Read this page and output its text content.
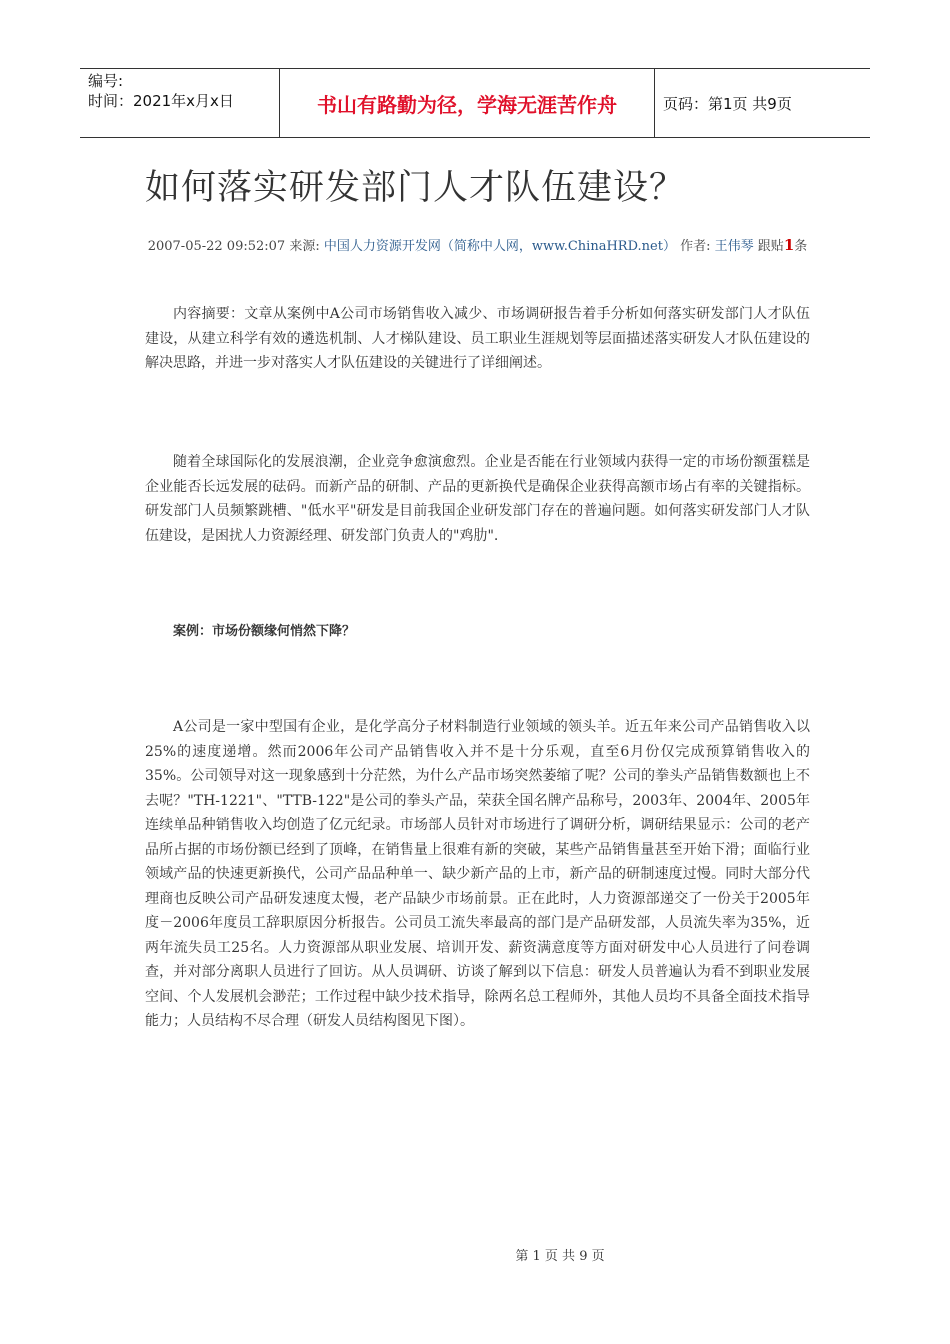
编号:
时间：2021年x月x日	书山有路勤为径，学海无涯苦作舟	页码：第1页 共9页
如何落实研发部门人才队伍建设？
2007-05-22 09:52:07 来源: 中国人力资源开发网（简称中人网，www.ChinaHRD.net） 作者: 王伟琴 跟贴1条

内容摘要：文章从案例中A公司市场销售收入减少、市场调研报告着手分析如何落实研发部门人才队伍建设，从建立科学有效的遴选机制、人才梯队建设、员工职业生涯规划等层面描述落实研发人才队伍建设的解决思路，并进一步对落实人才队伍建设的关键进行了详细阐述。

随着全球国际化的发展浪潮，企业竞争愈演愈烈。企业是否能在行业领域内获得一定的市场份额蛋糕是企业能否长远发展的砝码。而新产品的研制、产品的更新换代是确保企业获得高额市场占有率的关键指标。研发部门人员频繁跳槽、"低水平"研发是目前我国企业研发部门存在的普遍问题。如何落实研发部门人才队伍建设，是困扰人力资源经理、研发部门负责人的"鸡肋".

案例：市场份额缘何悄然下降？

A公司是一家中型国有企业，是化学高分子材料制造行业领域的领头羊。近五年来公司产品销售收入以25%的速度递增。然而2006年公司产品销售收入并不是十分乐观，直至6月份仅完成预算销售收入的35%。公司领导对这一现象感到十分茫然，为什么产品市场突然萎缩了呢？公司的拳头产品销售数额也上不去呢？"TH-1221"、"TTB-122"是公司的拳头产品，荣获全国名牌产品称号，2003年、2004年、2005年连续单品种销售收入均创造了亿元纪录。市场部人员针对市场进行了调研分析，调研结果显示：公司的老产品所占据的市场份额已经到了顶峰，在销售量上很难有新的突破，某些产品销售量甚至开始下滑；面临行业领域产品的快速更新换代，公司产品品种单一、缺少新产品的上市，新产品的研制速度过慢。同时大部分代理商也反映公司产品研发速度太慢，老产品缺少市场前景。正在此时，人力资源部递交了一份关于2005年度－2006年度员工辞职原因分析报告。公司员工流失率最高的部门是产品研发部，人员流失率为35%，近两年流失员工25名。人力资源部从职业发展、培训开发、薪资满意度等方面对研发中心人员进行了问卷调查，并对部分离职人员进行了回访。从人员调研、访谈了解到以下信息：研发人员普遍认为看不到职业发展空间、个人发展机会渺茫；工作过程中缺少技术指导，除两名总工程师外，其他人员均不具备全面技术指导能力；人员结构不尽合理（研发人员结构图见下图）。

第 1 页 共 9 页
